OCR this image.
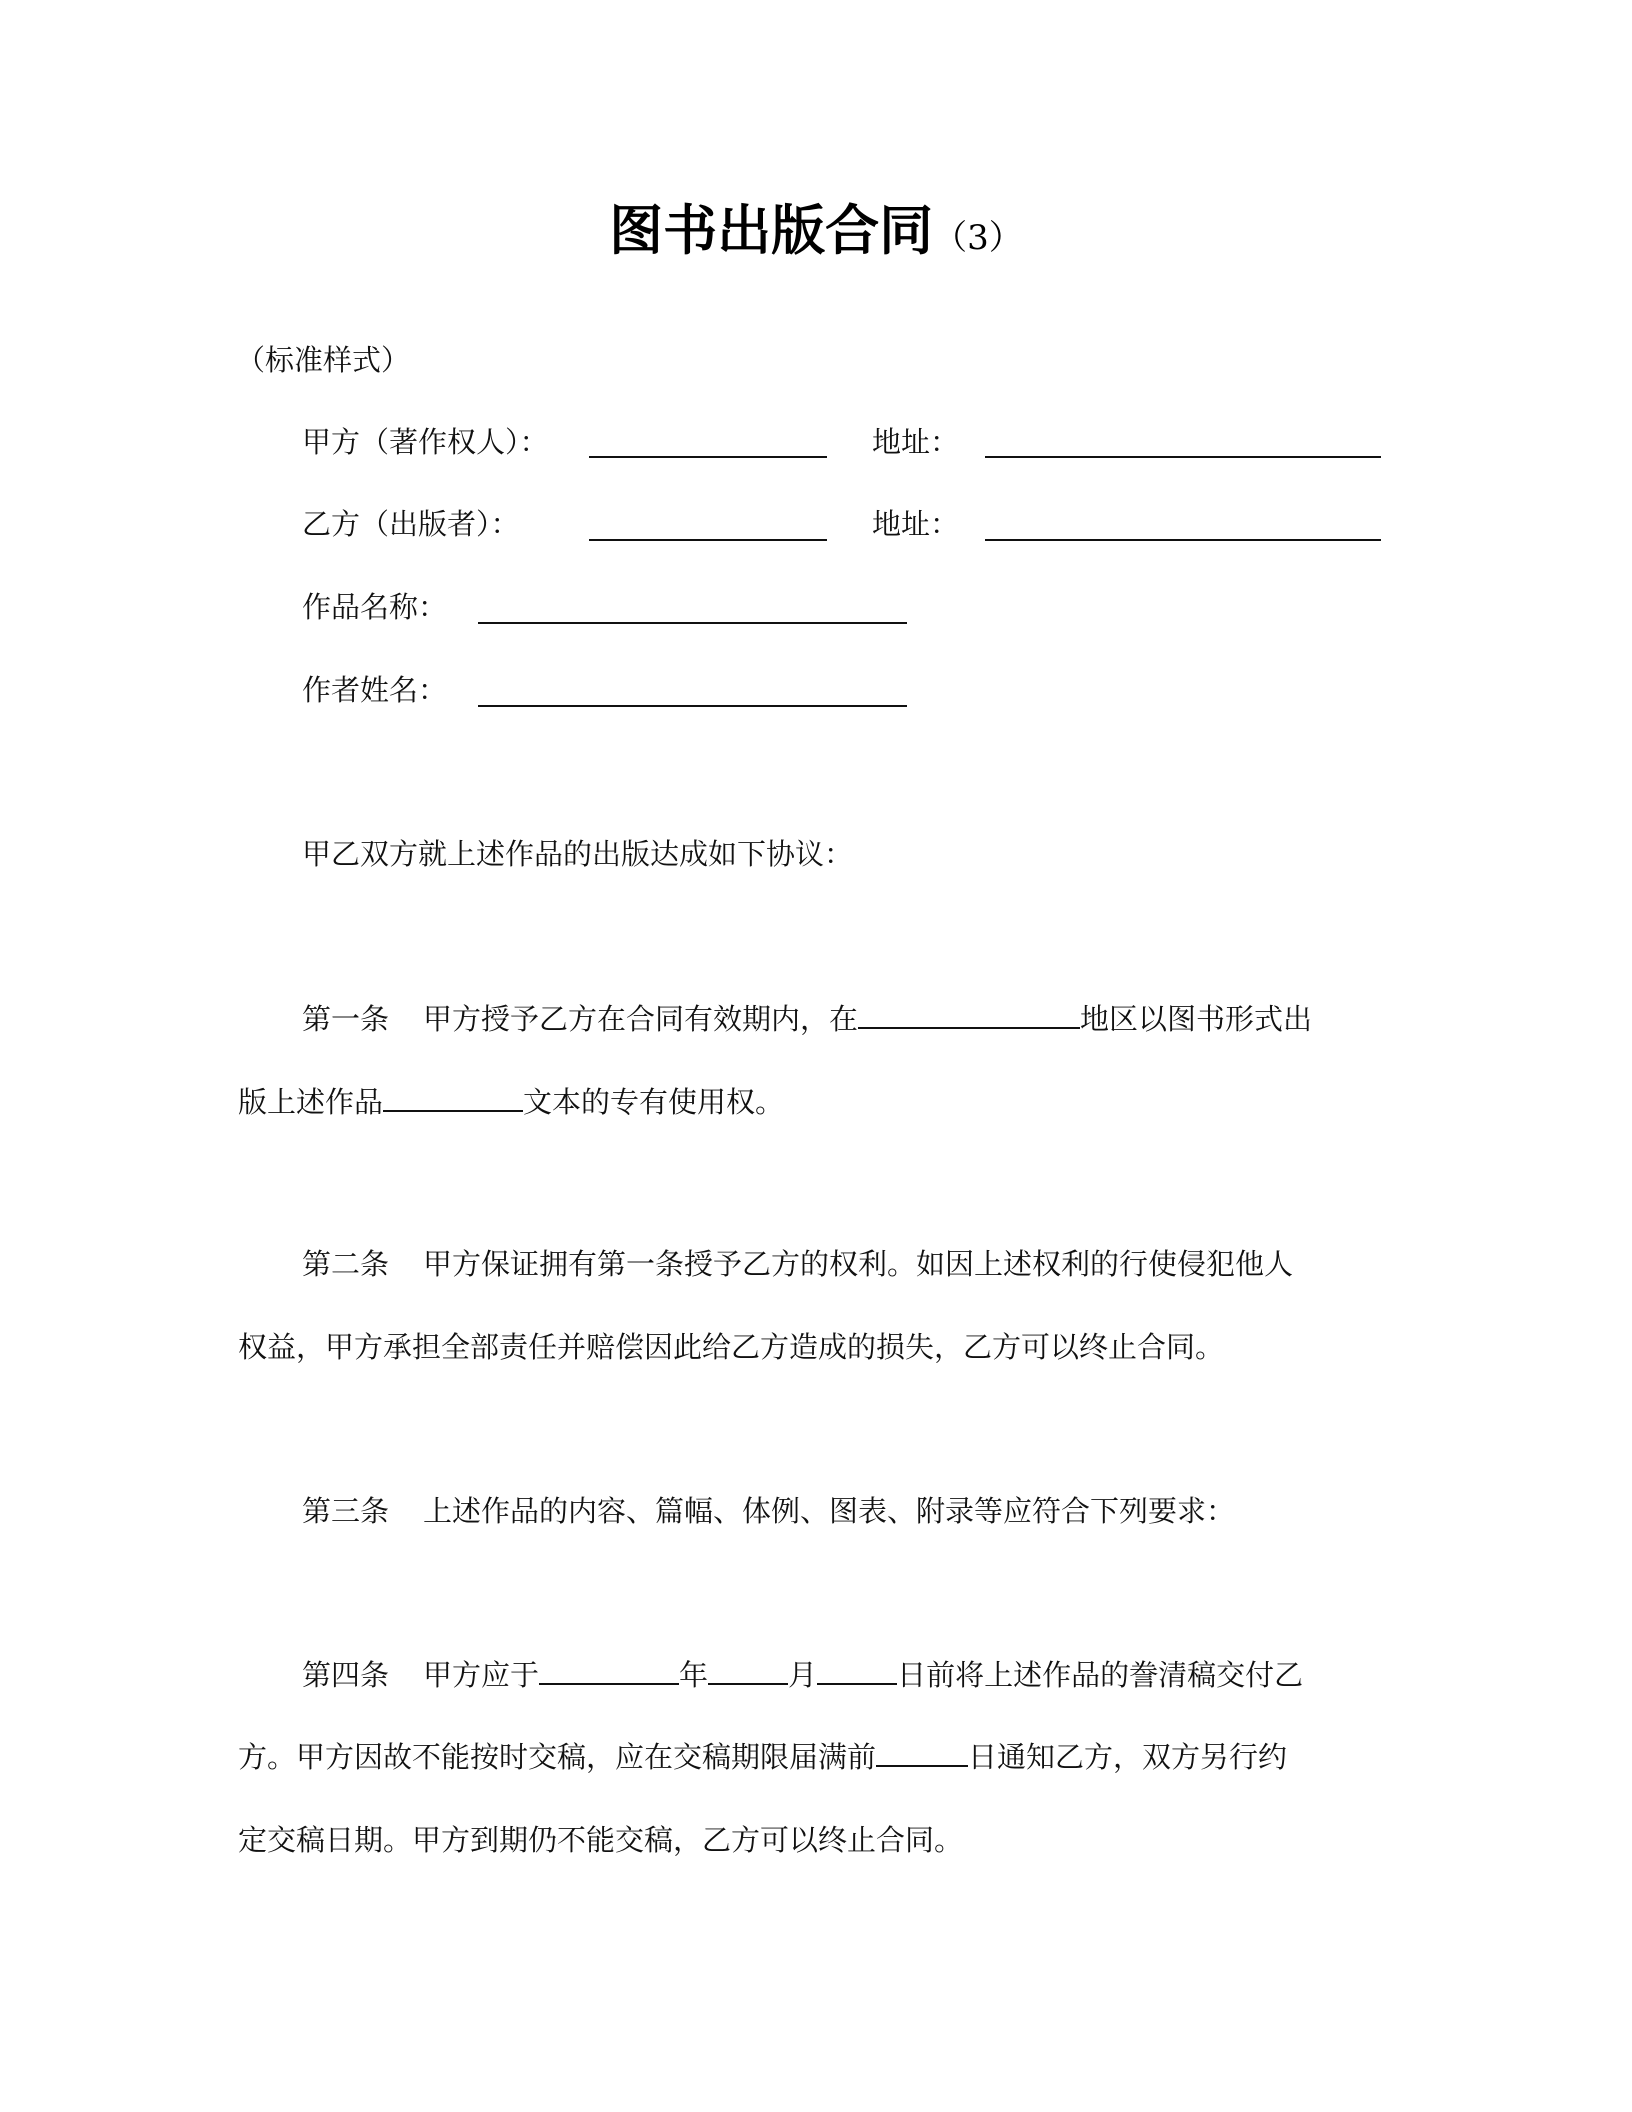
图书出版合同（3）
（标准样式）
甲方（著作权人）：	地址：
乙方（出版者）：	地址：
作品名称：
作者姓名：
甲乙双方就上述作品的出版达成如下协议：
第一条 甲方授予乙方在合同有效期内，在	地区以图书形式出
版上述作品	文本的专有使用权。
第二条 甲方保证拥有第一条授予乙方的权利。如因上述权利的行使侵犯他人
权益，甲方承担全部责任并赔偿因此给乙方造成的损失，乙方可以终止合同。
第三条 上述作品的内容、篇幅、体例、图表、附录等应符合下列要求：
第四条 甲方应于	年	月	日前将上述作品的誊清稿交付乙
方。甲方因故不能按时交稿，应在交稿期限届满前	日通知乙方，双方另行约
定交稿日期。甲方到期仍不能交稿，乙方可以终止合同。
